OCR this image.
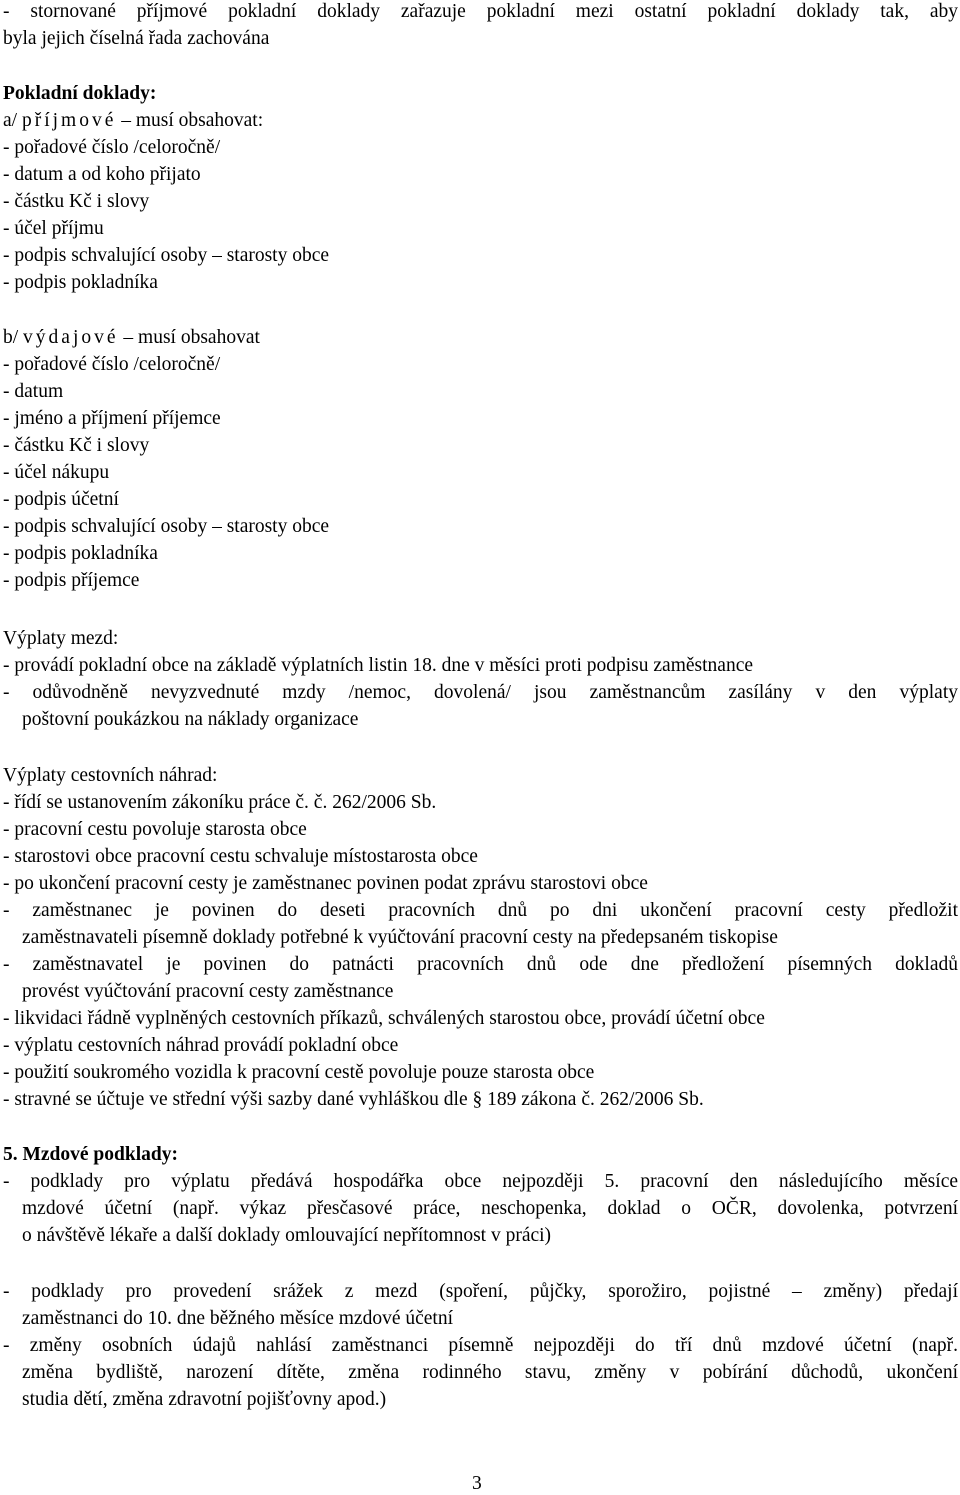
- stornované příjmové pokladní doklady zařazuje pokladní mezi ostatní pokladní doklady tak, aby
byla jejich číselná řada zachována
Pokladní doklady:
a/ příjmové – musí obsahovat:
- pořadové číslo /celoročně/
- datum a od koho přijato
- částku Kč i slovy
- účel příjmu
- podpis schvalující osoby – starosty obce
- podpis pokladníka
b/ výdajové – musí obsahovat
- pořadové číslo /celoročně/
- datum
- jméno a příjmení příjemce
- částku Kč i slovy
- účel nákupu
- podpis účetní
- podpis schvalující osoby – starosty obce
- podpis pokladníka
- podpis příjemce
Výplaty mezd:
- provádí pokladní obce na základě výplatních listin 18. dne v měsíci proti podpisu zaměstnance
- odůvodněně nevyzvednuté mzdy /nemoc, dovolená/ jsou zaměstnancům zasílány v den výplaty
poštovní poukázkou na náklady organizace
Výplaty cestovních náhrad:
- řídí se ustanovením zákoníku práce č. č. 262/2006 Sb.
- pracovní cestu povoluje starosta obce
- starostovi obce pracovní cestu schvaluje místostarosta obce
- po ukončení pracovní cesty je zaměstnanec povinen podat zprávu starostovi obce
- zaměstnanec je povinen do deseti pracovních dnů po dni ukončení pracovní cesty předložit
zaměstnavateli písemně doklady potřebné k vyúčtování pracovní cesty na předepsaném tiskopise
- zaměstnavatel je povinen do patnácti pracovních dnů ode dne předložení písemných dokladů
provést vyúčtování pracovní cesty zaměstnance
- likvidaci řádně vyplněných cestovních příkazů, schválených starostou obce, provádí účetní obce
- výplatu cestovních náhrad provádí pokladní obce
- použití soukromého vozidla k pracovní cestě povoluje pouze starosta obce
- stravné se účtuje ve střední výši sazby dané vyhláškou dle § 189 zákona č. 262/2006 Sb.
5. Mzdové podklady:
- podklady pro výplatu předává hospodářka obce nejpozději 5. pracovní den následujícího měsíce
mzdové účetní (např. výkaz přesčasové práce, neschopenka, doklad o OČR, dovolenka, potvrzení
o návštěvě lékaře a další doklady omlouvající nepřítomnost v práci)
- podklady pro provedení srážek z mezd (spoření, půjčky, sporožiro, pojistné – změny) předají
zaměstnanci do 10. dne běžného měsíce mzdové účetní
- změny osobních údajů nahlásí zaměstnanci písemně nejpozději do tří dnů mzdové účetní (např.
změna bydliště, narození dítěte, změna rodinného stavu, změny v pobírání důchodů, ukončení
studia dětí, změna zdravotní pojišťovny apod.)
3
